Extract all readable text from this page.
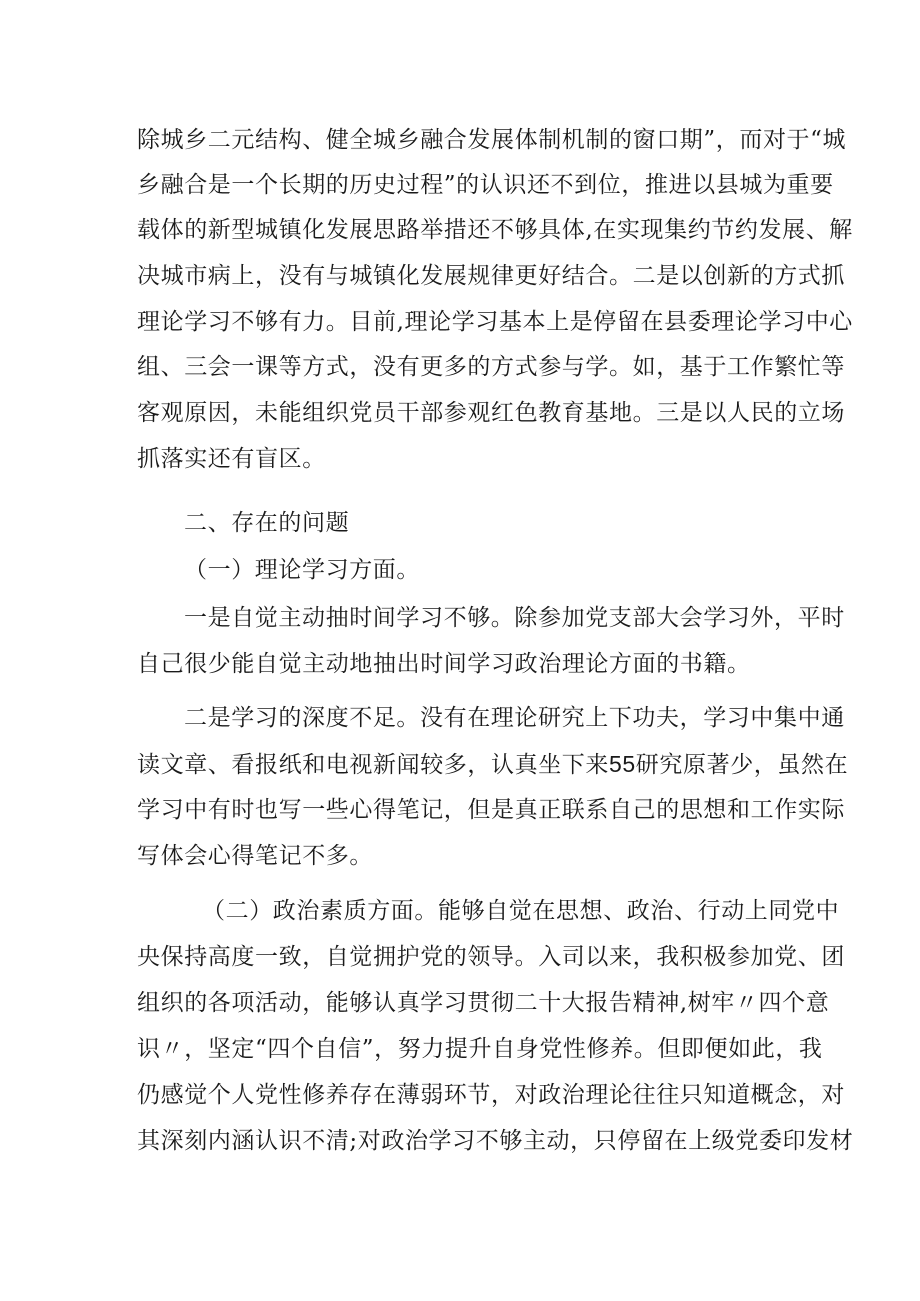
除城乡二元结构、健全城乡融合发展体制机制的窗口期”，而对于“城
乡融合是一个长期的历史过程”的认识还不到位，推进以县城为重要
载体的新型城镇化发展思路举措还不够具体,在实现集约节约发展、解
决城市病上，没有与城镇化发展规律更好结合。二是以创新的方式抓
理论学习不够有力。目前,理论学习基本上是停留在县委理论学习中心
组、三会一课等方式，没有更多的方式参与学。如，基于工作繁忙等
客观原因，未能组织党员干部参观红色教育基地。三是以人民的立场
抓落实还有盲区。
二、存在的问题
（一）理论学习方面。
一是自觉主动抽时间学习不够。除参加党支部大会学习外，平时
自己很少能自觉主动地抽出时间学习政治理论方面的书籍。
二是学习的深度不足。没有在理论研究上下功夫，学习中集中通
读文章、看报纸和电视新闻较多，认真坐下来55研究原著少，虽然在
学习中有时也写一些心得笔记，但是真正联系自己的思想和工作实际
写体会心得笔记不多。
（二）政治素质方面。能够自觉在思想、政治、行动上同党中
央保持高度一致，自觉拥护党的领导。入司以来，我积极参加党、团
组织的各项活动，能够认真学习贯彻二十大报告精神,树牢〃四个意
识〃，坚定“四个自信”，努力提升自身党性修养。但即便如此，我
仍感觉个人党性修养存在薄弱环节，对政治理论往往只知道概念，对
其深刻内涵认识不清;对政治学习不够主动，只停留在上级党委印发材
